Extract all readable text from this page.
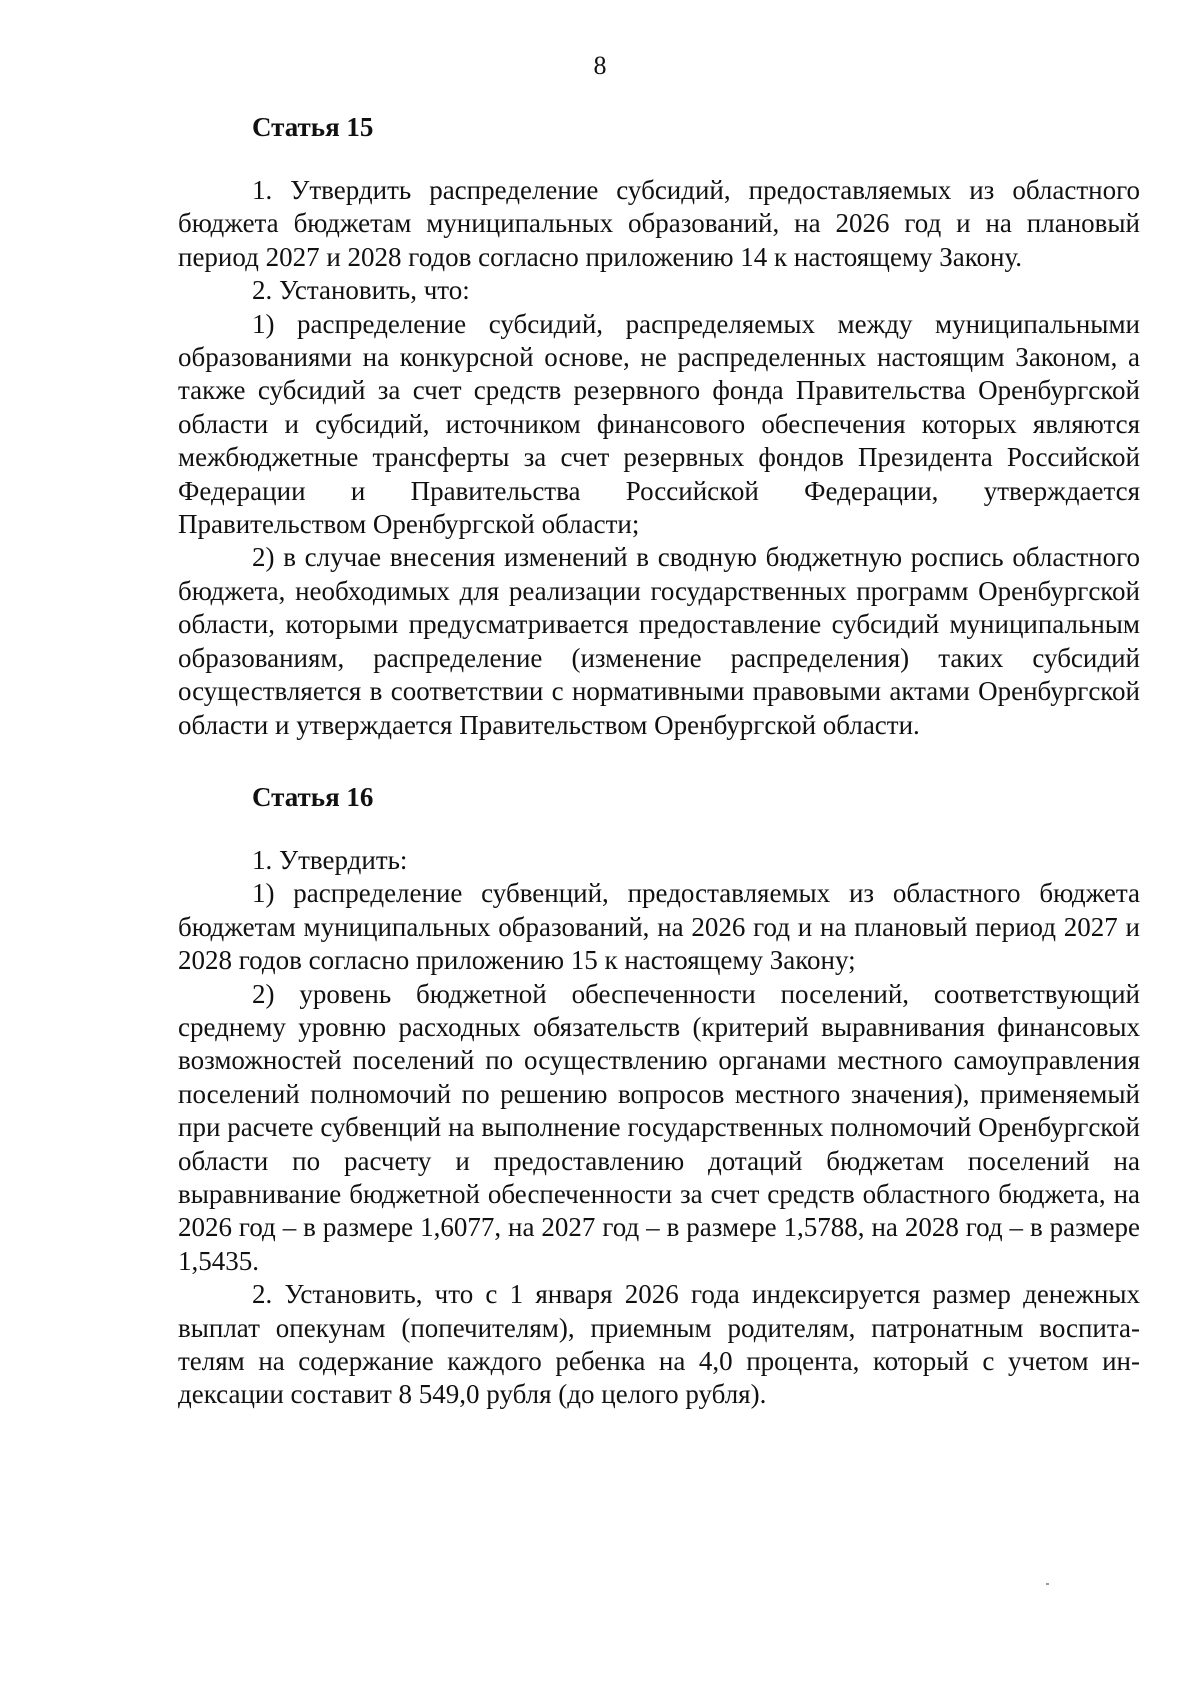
8
Статья 15

1. Утвердить распределение субсидий, предоставляемых из областного бюджета бюджетам муниципальных образований, на 2026 год и на плановый период 2027 и 2028 годов согласно приложению 14 к настоящему Закону.

2. Установить, что:

1) распределение субсидий, распределяемых между муниципальными образованиями на конкурсной основе, не распределенных настоящим Законом, а также субсидий за счет средств резервного фонда Правительства Оренбургской области и субсидий, источником финансового обеспечения которых являются межбюджетные трансферты за счет резервных фондов Президента Российской Федерации и Правительства Российской Федерации, утверждается Правительством Оренбургской области;

2) в случае внесения изменений в сводную бюджетную роспись областного бюджета, необходимых для реализации государственных программ Оренбургской области, которыми предусматривается предоставление субсидий муниципальным образованиям, распределение (изменение распределения) таких субсидий осуществляется в соответствии с нормативными правовыми актами Оренбургской области и утверждается Правительством Оренбургской области.

Статья 16

1. Утвердить:

1) распределение субвенций, предоставляемых из областного бюджета бюджетам муниципальных образований, на 2026 год и на плановый период 2027 и 2028 годов согласно приложению 15 к настоящему Закону;

2) уровень бюджетной обеспеченности поселений, соответствующий среднему уровню расходных обязательств (критерий выравнивания финансовых возможностей поселений по осуществлению органами местного самоуправления поселений полномочий по решению вопросов местного значения), применяемый при расчете субвенций на выполнение государственных полномочий Оренбургской области по расчету и предоставлению дотаций бюджетам поселений на выравнивание бюджетной обеспеченности за счет средств областного бюджета, на 2026 год – в размере 1,6077, на 2027 год – в размере 1,5788, на 2028 год – в размере 1,5435.

2. Установить, что с 1 января 2026 года индексируется размер денежных выплат опекунам (попечителям), приемным родителям, патронатным воспитателям на содержание каждого ребенка на 4,0 процента, который с учетом индексации составит 8 549,0 рубля (до целого рубля).
